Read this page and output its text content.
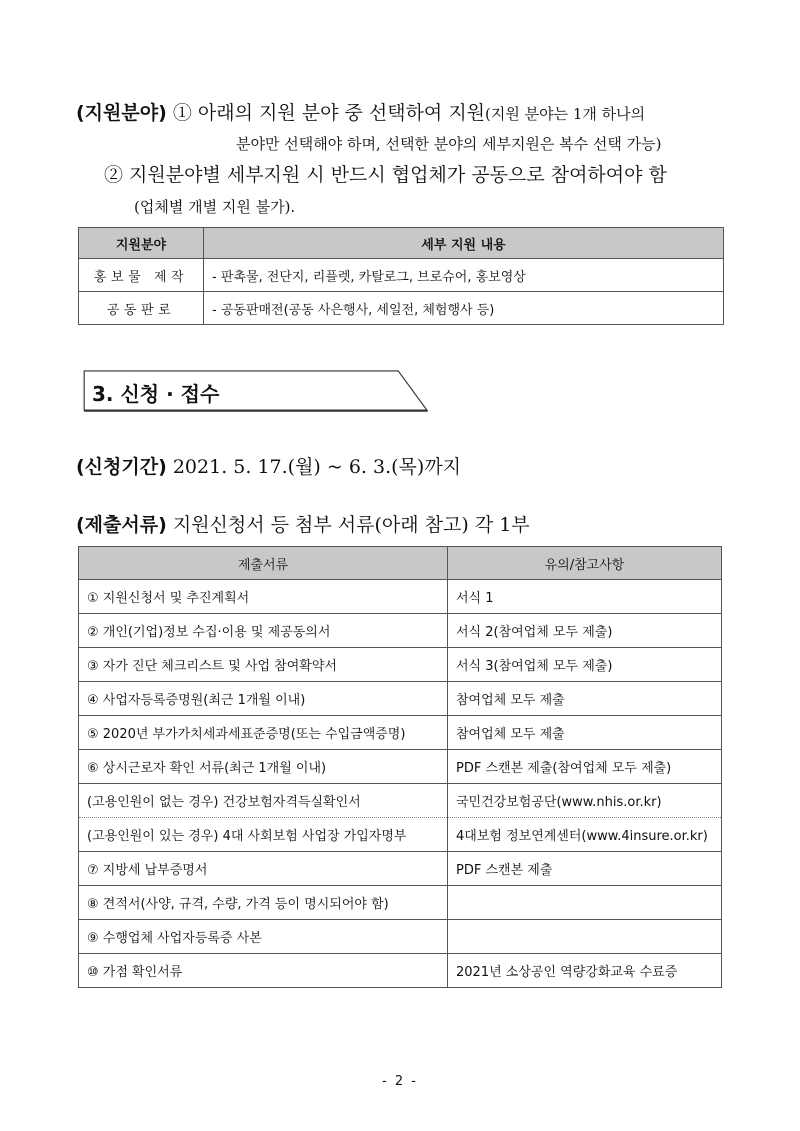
(지원분야) ① 아래의 지원 분야 중 선택하여 지원(지원 분야는 1개 하나의
분야만 선택해야 하며, 선택한 분야의 세부지원은 복수 선택 가능)
② 지원분야별 세부지원 시 반드시 협업체가 공동으로 참여하여야 함
(업체별 개별 지원 불가).
지원분야	세부 지원 내용
홍보물 제작	- 판촉물, 전단지, 리플렛, 카탈로그, 브로슈어, 홍보영상
공동판로	- 공동판매전(공동 사은행사, 세일전, 체험행사 등)
3. 신청 · 접수
(신청기간) 2021. 5. 17.(월) ~ 6. 3.(목)까지
(제출서류) 지원신청서 등 첨부 서류(아래 참고) 각 1부
제출서류	유의/참고사항
① 지원신청서 및 추진계획서	서식 1
② 개인(기업)정보 수집·이용 및 제공동의서	서식 2(참여업체 모두 제출)
③ 자가 진단 체크리스트 및 사업 참여확약서	서식 3(참여업체 모두 제출)
④ 사업자등록증명원(최근 1개월 이내)	참여업체 모두 제출
⑤ 2020년 부가가치세과세표준증명(또는 수입금액증명)	참여업체 모두 제출
⑥ 상시근로자 확인 서류(최근 1개월 이내)	PDF 스캔본 제출(참여업체 모두 제출)
(고용인원이 없는 경우) 건강보험자격득실확인서	국민건강보험공단(www.nhis.or.kr)
(고용인원이 있는 경우) 4대 사회보험 사업장 가입자명부	4대보험 정보연계센터(www.4insure.or.kr)
⑦ 지방세 납부증명서	PDF 스캔본 제출
⑧ 견적서(사양, 규격, 수량, 가격 등이 명시되어야 함)	
⑨ 수행업체 사업자등록증 사본	
⑩ 가점 확인서류	2021년 소상공인 역량강화교육 수료증
- 2 -
